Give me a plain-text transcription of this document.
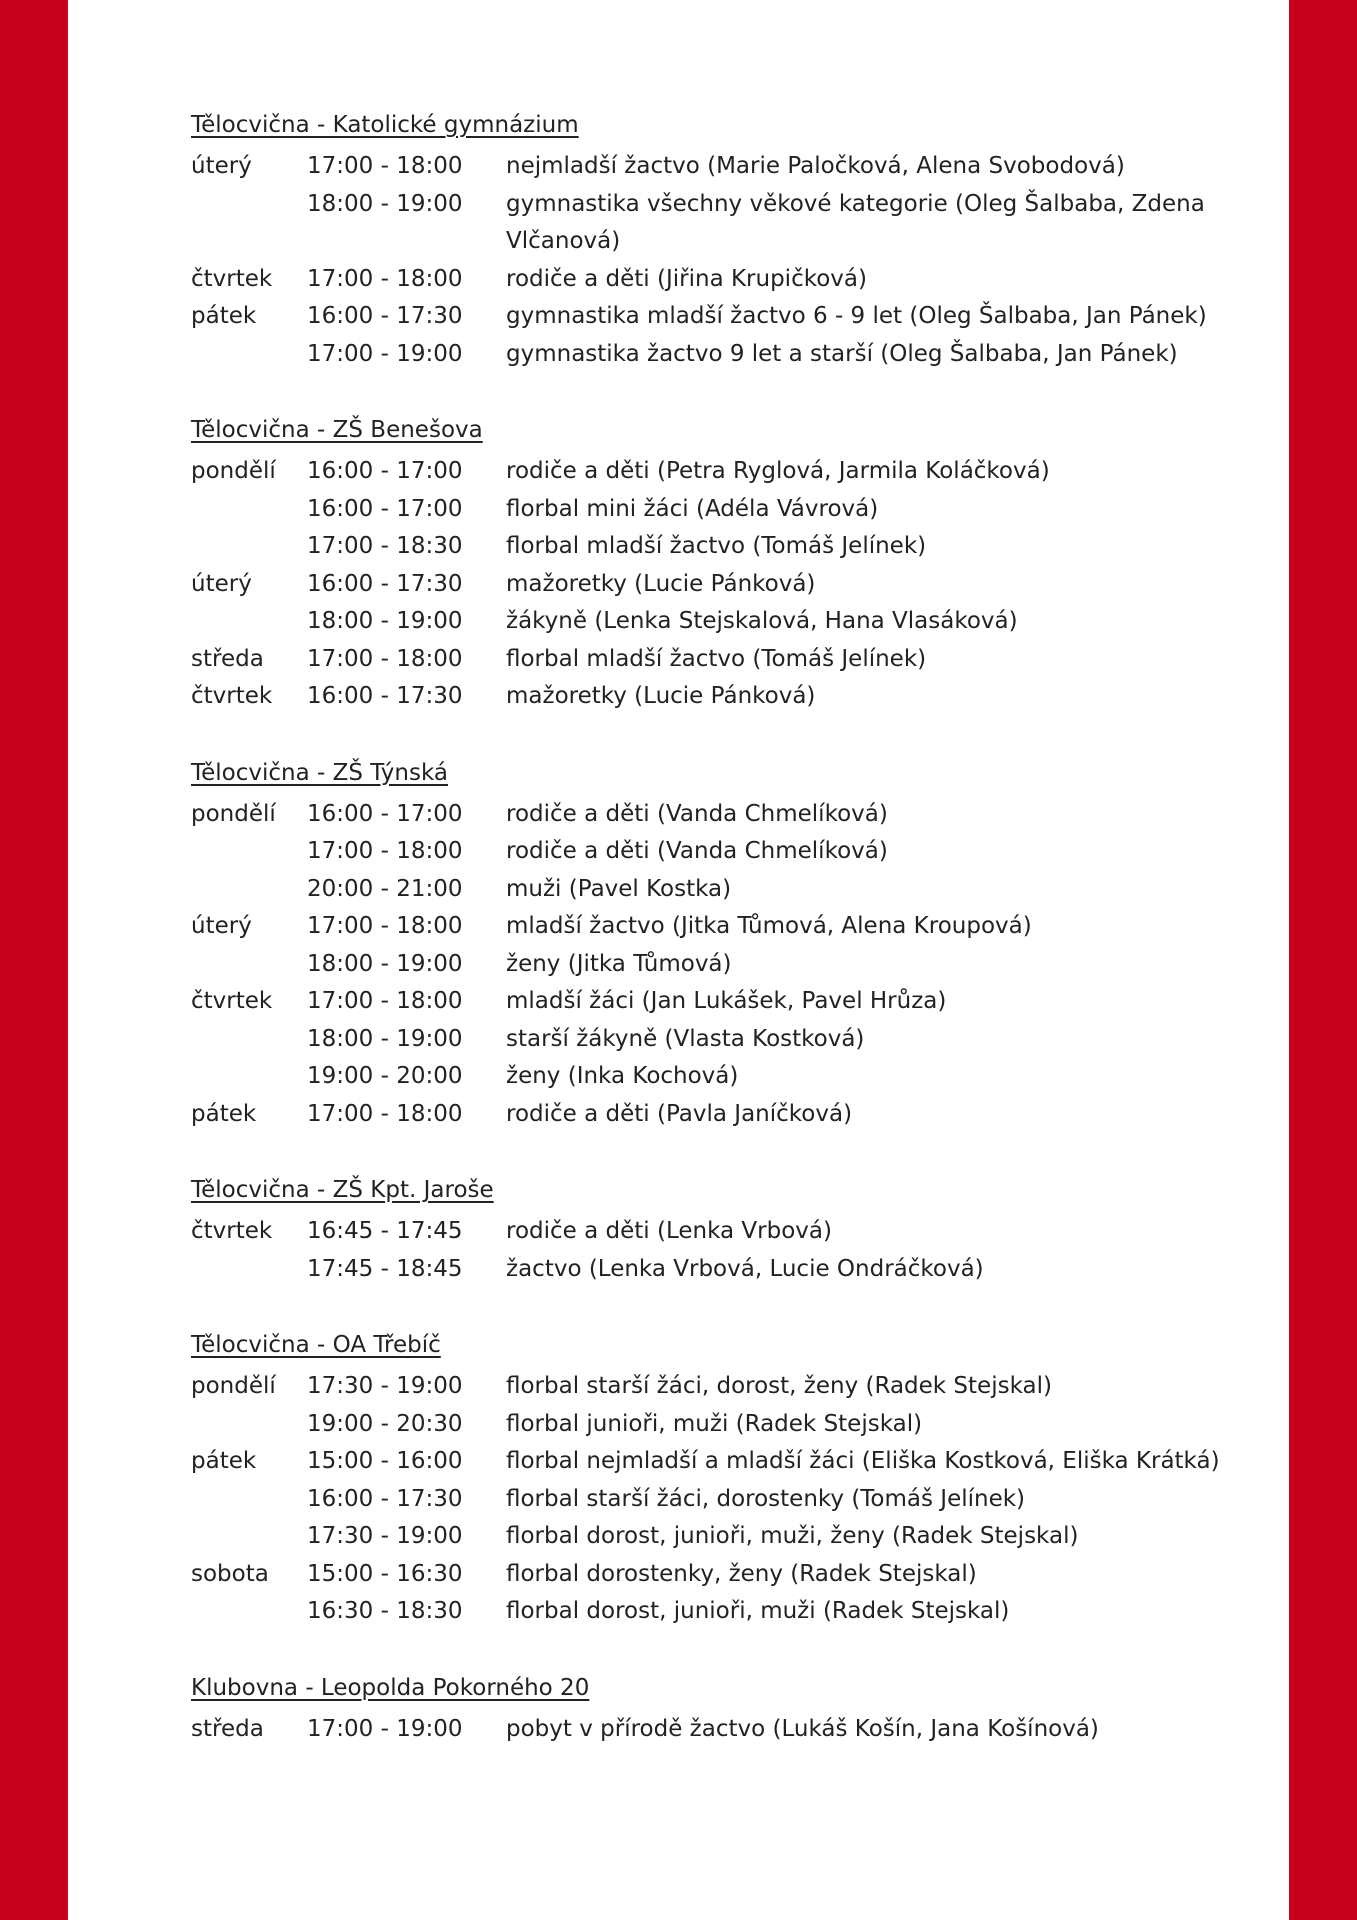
Tělocvična - Katolické gymnázium
úterý	17:00 - 18:00	nejmladší žactvo (Marie Paločková, Alena Svobodová)
18:00 - 19:00	gymnastika všechny věkové kategorie (Oleg Šalbaba, Zdena Vlčanová)
čtvrtek	17:00 - 18:00	rodiče a děti (Jiřina Krupičková)
pátek	16:00 - 17:30	gymnastika mladší žactvo 6 - 9 let (Oleg Šalbaba, Jan Pánek)
17:00 - 19:00	gymnastika žactvo 9 let a starší (Oleg Šalbaba, Jan Pánek)
Tělocvična - ZŠ Benešova
pondělí	16:00 - 17:00	rodiče a děti (Petra Ryglová, Jarmila Koláčková)
16:00 - 17:00	florbal mini žáci (Adéla Vávrová)
17:00 - 18:30	florbal mladší žactvo (Tomáš Jelínek)
úterý	16:00 - 17:30	mažoretky (Lucie Pánková)
18:00 - 19:00	žákyně (Lenka Stejskalová, Hana Vlasáková)
středa	17:00 - 18:00	florbal mladší žactvo (Tomáš Jelínek)
čtvrtek	16:00 - 17:30	mažoretky (Lucie Pánková)
Tělocvična - ZŠ Týnská
pondělí	16:00 - 17:00	rodiče a děti (Vanda Chmelíková)
17:00 - 18:00	rodiče a děti (Vanda Chmelíková)
20:00 - 21:00	muži (Pavel Kostka)
úterý	17:00 - 18:00	mladší žactvo (Jitka Tůmová, Alena Kroupová)
18:00 - 19:00	ženy (Jitka Tůmová)
čtvrtek	17:00 - 18:00	mladší žáci (Jan Lukášek, Pavel Hrůza)
18:00 - 19:00	starší žákyně (Vlasta Kostková)
19:00 - 20:00	ženy (Inka Kochová)
pátek	17:00 - 18:00	rodiče a děti (Pavla Janíčková)
Tělocvična - ZŠ Kpt. Jaroše
čtvrtek	16:45 - 17:45	rodiče a děti (Lenka Vrbová)
17:45 - 18:45	žactvo (Lenka Vrbová, Lucie Ondráčková)
Tělocvična - OA Třebíč
pondělí	17:30 - 19:00	florbal starší žáci, dorost, ženy (Radek Stejskal)
19:00 - 20:30	florbal junioři, muži (Radek Stejskal)
pátek	15:00 - 16:00	florbal nejmladší a mladší žáci (Eliška Kostková, Eliška Krátká)
16:00 - 17:30	florbal starší žáci, dorostenky (Tomáš Jelínek)
17:30 - 19:00	florbal dorost, junioři, muži, ženy (Radek Stejskal)
sobota	15:00 - 16:30	florbal dorostenky, ženy (Radek Stejskal)
16:30 - 18:30	florbal dorost, junioři, muži (Radek Stejskal)
Klubovna - Leopolda Pokorného 20
středa	17:00 - 19:00	pobyt v přírodě žactvo (Lukáš Košín, Jana Košínová)
